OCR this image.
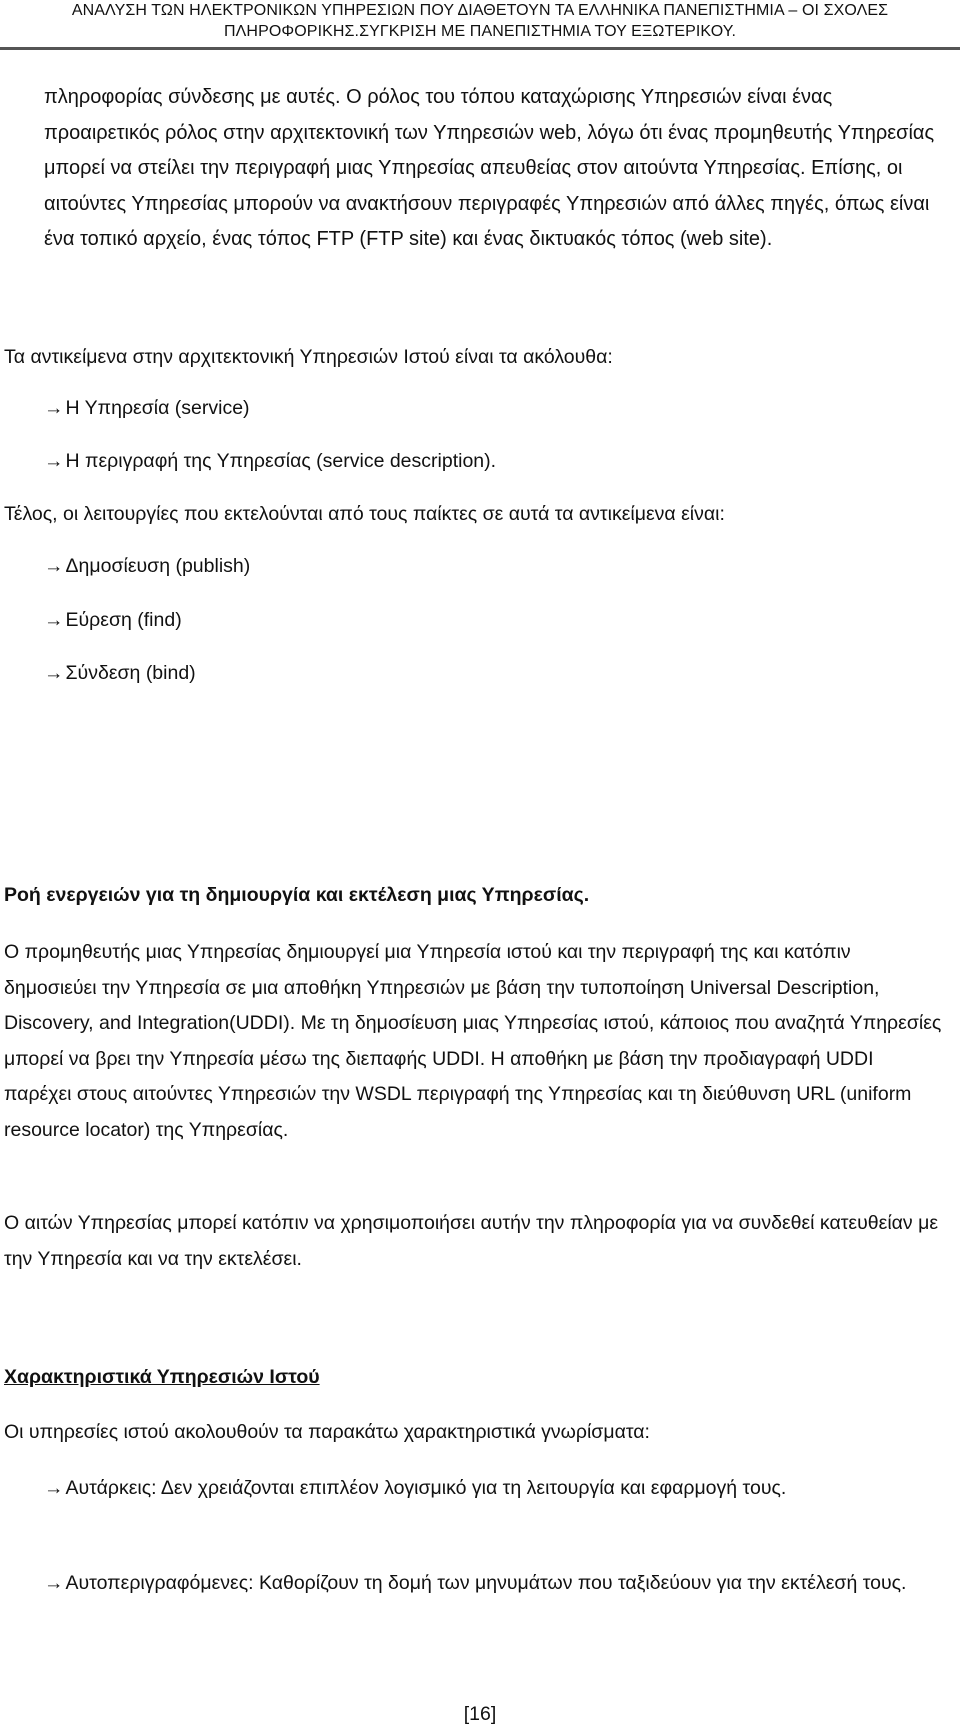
ΑΝΑΛΥΣΗ ΤΩΝ ΗΛΕΚΤΡΟΝΙΚΩΝ ΥΠΗΡΕΣΙΩΝ ΠΟΥ ΔΙΑΘΕΤΟΥΝ ΤΑ ΕΛΛΗΝΙΚΑ ΠΑΝΕΠΙΣΤΗΜΙΑ – ΟΙ ΣΧΟΛΕΣ
ΠΛΗΡΟΦΟΡΙΚΗΣ.ΣΥΓΚΡΙΣΗ ΜΕ ΠΑΝΕΠΙΣΤΗΜΙΑ ΤΟΥ ΕΞΩΤΕΡΙΚΟΥ.

πληροφορίας σύνδεσης με αυτές. Ο ρόλος του τόπου καταχώρισης Υπηρεσιών είναι ένας προαιρετικός ρόλος στην αρχιτεκτονική των Υπηρεσιών web, λόγω ότι ένας προμηθευτής Υπηρεσίας μπορεί να στείλει την περιγραφή μιας Υπηρεσίας απευθείας στον αιτούντα Υπηρεσίας. Επίσης, οι αιτούντες Υπηρεσίας μπορούν να ανακτήσουν περιγραφές Υπηρεσιών από άλλες πηγές, όπως είναι ένα τοπικό αρχείο, ένας τόπος FTP (FTP site) και ένας δικτυακός τόπος (web site).

Τα αντικείμενα στην αρχιτεκτονική Υπηρεσιών Ιστού είναι τα ακόλουθα:

→ Η Υπηρεσία (service)

→ Η περιγραφή της Υπηρεσίας (service description).

Τέλος, οι λειτουργίες που εκτελούνται από τους παίκτες σε αυτά τα αντικείμενα είναι:

→ Δημοσίευση (publish)

→ Εύρεση (find)

→ Σύνδεση (bind)

Ροή ενεργειών για τη δημιουργία και εκτέλεση μιας Υπηρεσίας.

Ο προμηθευτής μιας Υπηρεσίας δημιουργεί μια Υπηρεσία ιστού και την περιγραφή της και κατόπιν δημοσιεύει την Υπηρεσία σε μια αποθήκη Υπηρεσιών με βάση την τυποποίηση Universal Description, Discovery, and Integration(UDDI). Με τη δημοσίευση μιας Υπηρεσίας ιστού, κάποιος που αναζητά Υπηρεσίες μπορεί να βρει την Υπηρεσία μέσω της διεπαφής UDDI. Η αποθήκη με βάση την προδιαγραφή UDDI παρέχει στους αιτούντες Υπηρεσιών την WSDL περιγραφή της Υπηρεσίας και τη διεύθυνση URL (uniform resource locator) της Υπηρεσίας.

Ο αιτών Υπηρεσίας μπορεί κατόπιν να χρησιμοποιήσει αυτήν την πληροφορία για να συνδεθεί κατευθείαν με την Υπηρεσία και να την εκτελέσει.

Χαρακτηριστικά Υπηρεσιών Ιστού

Οι υπηρεσίες ιστού ακολουθούν τα παρακάτω χαρακτηριστικά γνωρίσματα:

→ Αυτάρκεις: Δεν χρειάζονται επιπλέον λογισμικό για τη λειτουργία και εφαρμογή τους.

→ Αυτοπεριγραφόμενες: Καθορίζουν τη δομή των μηνυμάτων που ταξιδεύουν για την εκτέλεσή τους.

[16]
